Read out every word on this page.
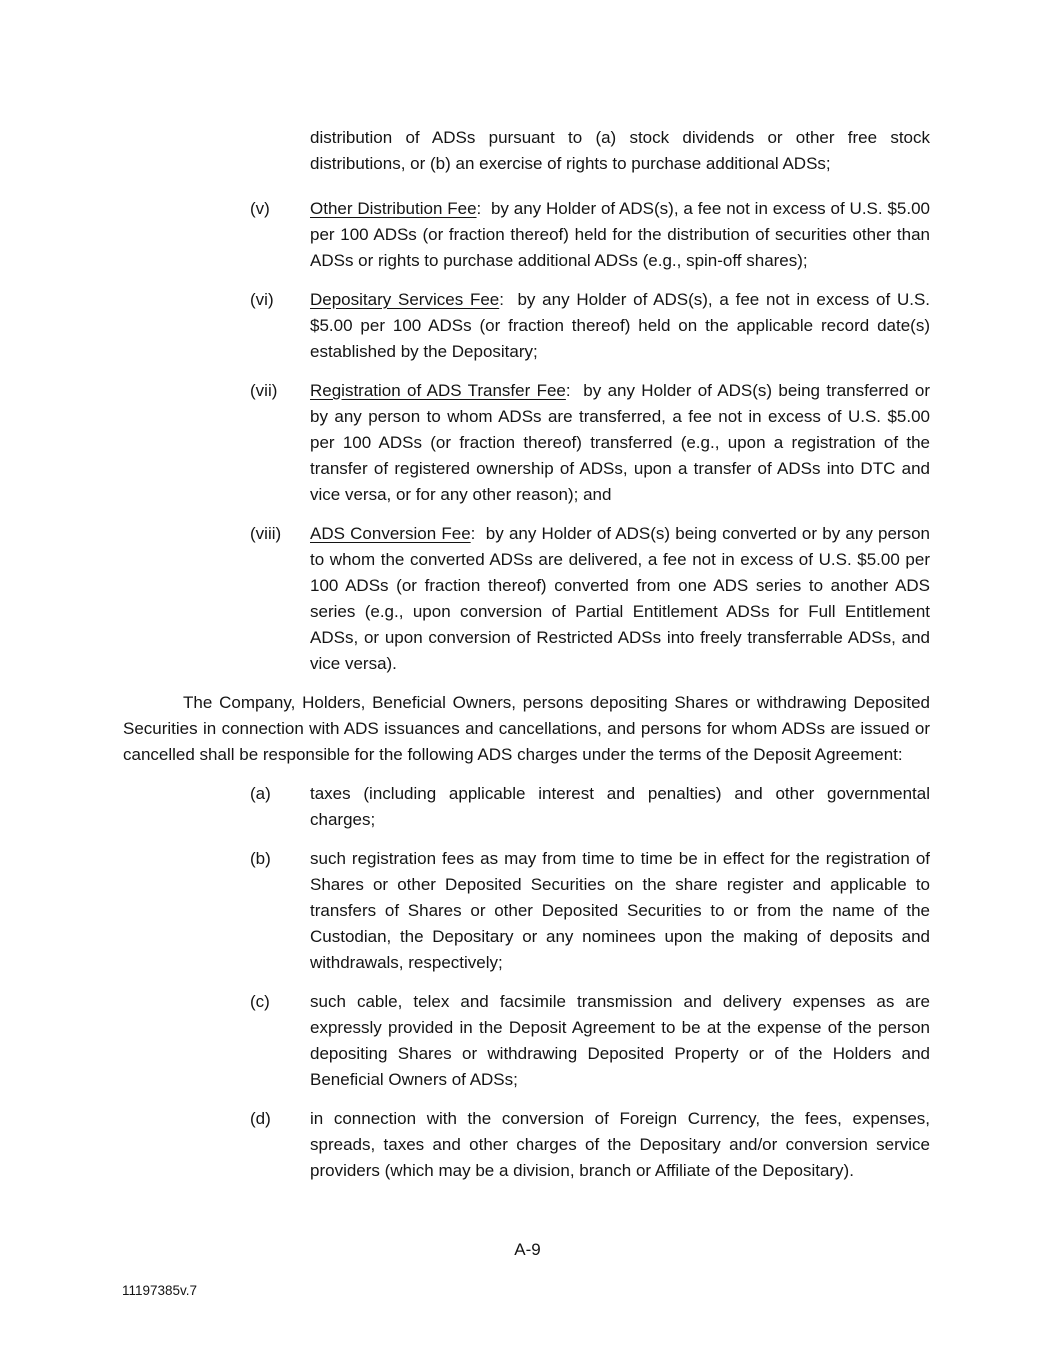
distribution of ADSs pursuant to (a) stock dividends or other free stock distributions, or (b) an exercise of rights to purchase additional ADSs;

(v) Other Distribution Fee:  by any Holder of ADS(s), a fee not in excess of U.S. $5.00 per 100 ADSs (or fraction thereof) held for the distribution of securities other than ADSs or rights to purchase additional ADSs (e.g., spin-off shares);
(vi) Depositary Services Fee:  by any Holder of ADS(s), a fee not in excess of U.S. $5.00 per 100 ADSs (or fraction thereof) held on the applicable record date(s) established by the Depositary;
(vii) Registration of ADS Transfer Fee:  by any Holder of ADS(s) being transferred or by any person to whom ADSs are transferred, a fee not in excess of U.S. $5.00 per 100 ADSs (or fraction thereof) transferred (e.g., upon a registration of the transfer of registered ownership of ADSs, upon a transfer of ADSs into DTC and vice versa, or for any other reason); and
(viii) ADS Conversion Fee:  by any Holder of ADS(s) being converted or by any person to whom the converted ADSs are delivered, a fee not in excess of U.S. $5.00 per 100 ADSs (or fraction thereof) converted from one ADS series to another ADS series (e.g., upon conversion of Partial Entitlement ADSs for Full Entitlement ADSs, or upon conversion of Restricted ADSs into freely transferrable ADSs, and vice versa).

The Company, Holders, Beneficial Owners, persons depositing Shares or withdrawing Deposited Securities in connection with ADS issuances and cancellations, and persons for whom ADSs are issued or cancelled shall be responsible for the following ADS charges under the terms of the Deposit Agreement:

(a) taxes (including applicable interest and penalties) and other governmental charges;
(b) such registration fees as may from time to time be in effect for the registration of Shares or other Deposited Securities on the share register and applicable to transfers of Shares or other Deposited Securities to or from the name of the Custodian, the Depositary or any nominees upon the making of deposits and withdrawals, respectively;
(c) such cable, telex and facsimile transmission and delivery expenses as are expressly provided in the Deposit Agreement to be at the expense of the person depositing Shares or withdrawing Deposited Property or of the Holders and Beneficial Owners of ADSs;
(d) in connection with the conversion of Foreign Currency, the fees, expenses, spreads, taxes and other charges of the Depositary and/or conversion service providers (which may be a division, branch or Affiliate of the Depositary).
A-9
11197385v.7
